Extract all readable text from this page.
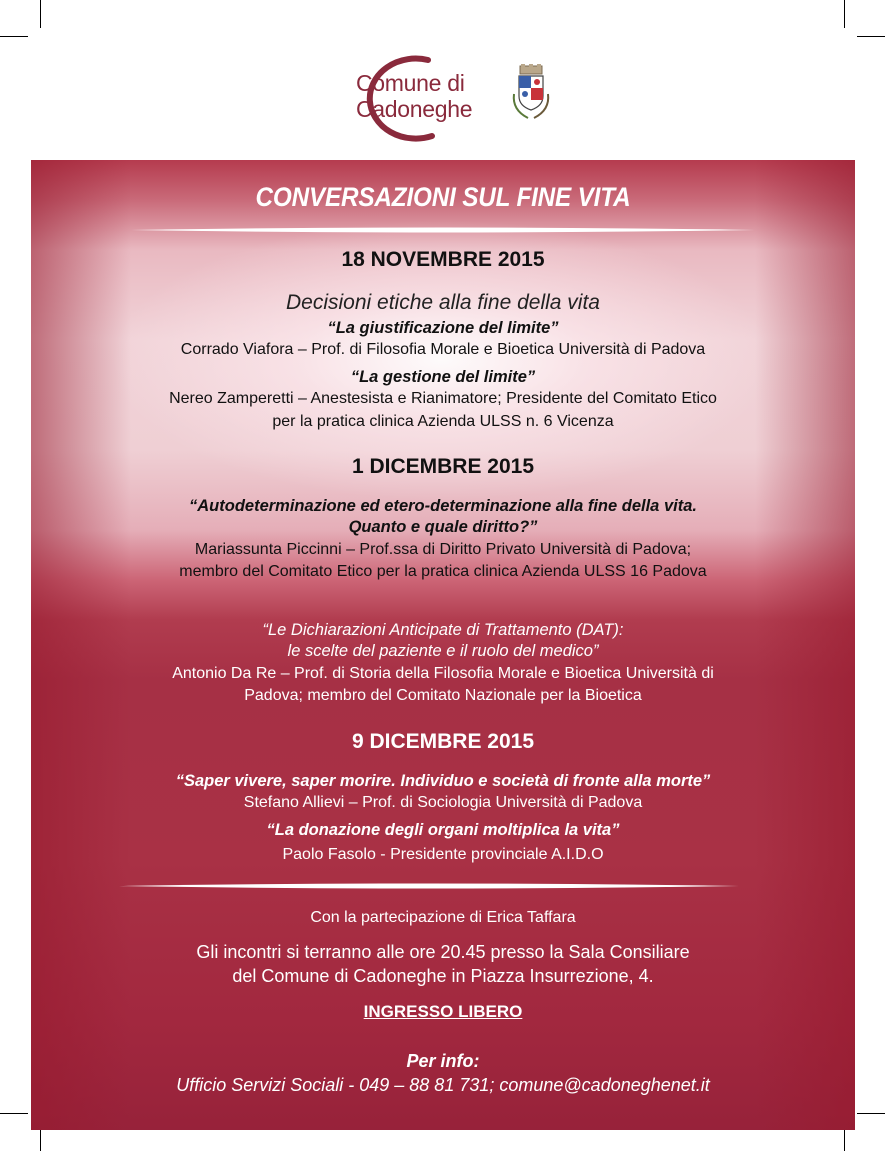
Comune di
Cadoneghe
CONVERSAZIONI SUL FINE VITA
18 NOVEMBRE 2015
Decisioni etiche alla fine della vita
“La giustificazione del limite”
Corrado Viafora – Prof. di Filosofia Morale e Bioetica Università di Padova
“La gestione del limite”
Nereo Zamperetti – Anestesista e Rianimatore; Presidente del Comitato Etico
per la pratica clinica Azienda ULSS n. 6 Vicenza
1 DICEMBRE 2015
“Autodeterminazione ed etero-determinazione alla fine della vita.
Quanto e quale diritto?”
Mariassunta Piccinni – Prof.ssa di Diritto Privato Università di Padova;
membro del Comitato Etico per la pratica clinica Azienda ULSS 16 Padova
“Le Dichiarazioni Anticipate di Trattamento (DAT):
le scelte del paziente e il ruolo del medico”
Antonio Da Re – Prof. di Storia della Filosofia Morale e Bioetica Università di
Padova; membro del Comitato Nazionale per la Bioetica
9 DICEMBRE 2015
“Saper vivere, saper morire. Individuo e società di fronte alla morte”
Stefano Allievi – Prof. di Sociologia Università di Padova
“La donazione degli organi moltiplica la vita”
Paolo Fasolo - Presidente provinciale A.I.D.O
Con la partecipazione di Erica Taffara
Gli incontri si terranno alle ore 20.45 presso la Sala Consiliare
del Comune di Cadoneghe in Piazza Insurrezione, 4.
INGRESSO LIBERO
Per info:
Ufficio Servizi Sociali - 049 – 88 81 731; comune@cadoneghenet.it
